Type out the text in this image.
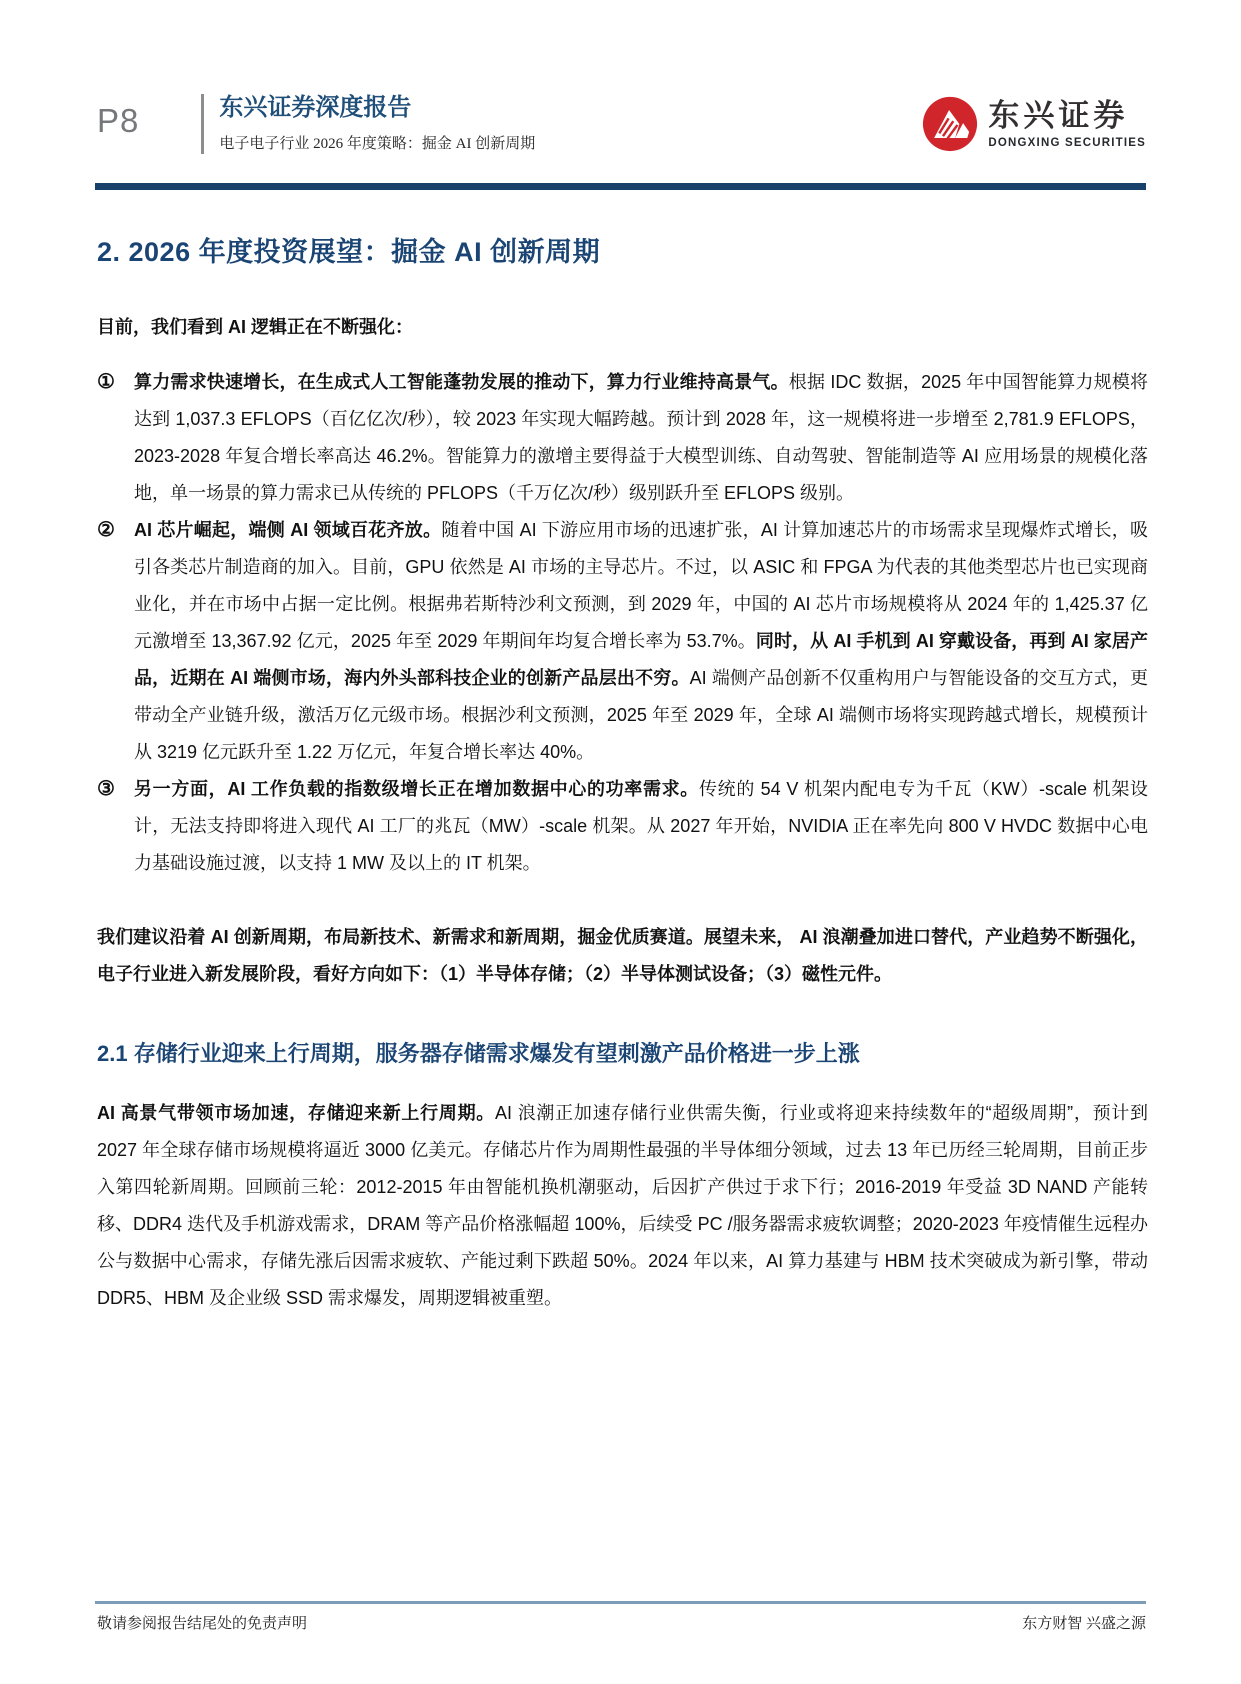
P8	东兴证券深度报告
电子电子行业 2026 年度策略：掘金 AI 创新周期
东兴证券
DONGXING SECURITIES
2. 2026 年度投资展望：掘金 AI 创新周期

目前，我们看到 AI 逻辑正在不断强化：

①	算力需求快速增长，在生成式人工智能蓬勃发展的推动下，算力行业维持高景气。根据 IDC 数据，2025 年中国智能算力规模将达到 1,037.3 EFLOPS（百亿亿次/秒），较 2023 年实现大幅跨越。预计到 2028 年，这一规模将进一步增至 2,781.9 EFLOPS，2023-2028 年复合增长率高达 46.2%。智能算力的激增主要得益于大模型训练、自动驾驶、智能制造等 AI 应用场景的规模化落地，单一场景的算力需求已从传统的 PFLOPS（千万亿次/秒）级别跃升至 EFLOPS 级别。
②	AI 芯片崛起，端侧 AI 领域百花齐放。随着中国 AI 下游应用市场的迅速扩张，AI 计算加速芯片的市场需求呈现爆炸式增长，吸引各类芯片制造商的加入。目前，GPU 依然是 AI 市场的主导芯片。不过，以 ASIC 和 FPGA 为代表的其他类型芯片也已实现商业化，并在市场中占据一定比例。根据弗若斯特沙利文预测，到 2029 年，中国的 AI 芯片市场规模将从 2024 年的 1,425.37 亿元激增至 13,367.92 亿元，2025 年至 2029 年期间年均复合增长率为 53.7%。同时，从 AI 手机到 AI 穿戴设备，再到 AI 家居产品，近期在 AI 端侧市场，海内外头部科技企业的创新产品层出不穷。AI 端侧产品创新不仅重构用户与智能设备的交互方式，更带动全产业链升级，激活万亿元级市场。根据沙利文预测，2025 年至 2029 年，全球 AI 端侧市场将实现跨越式增长，规模预计从 3219 亿元跃升至 1.22 万亿元，年复合增长率达 40%。
③	另一方面，AI 工作负载的指数级增长正在增加数据中心的功率需求。传统的 54 V 机架内配电专为千瓦（KW）-scale 机架设计，无法支持即将进入现代 AI 工厂的兆瓦（MW）-scale 机架。从 2027 年开始，NVIDIA 正在率先向 800 V HVDC 数据中心电力基础设施过渡，以支持 1 MW 及以上的 IT 机架。

我们建议沿着 AI 创新周期，布局新技术、新需求和新周期，掘金优质赛道。展望未来， AI 浪潮叠加进口替代，产业趋势不断强化，电子行业进入新发展阶段，看好方向如下：（1）半导体存储；（2）半导体测试设备；（3）磁性元件。

2.1 存储行业迎来上行周期，服务器存储需求爆发有望刺激产品价格进一步上涨

AI 高景气带领市场加速，存储迎来新上行周期。AI 浪潮正加速存储行业供需失衡，行业或将迎来持续数年的“超级周期”，预计到 2027 年全球存储市场规模将逼近 3000 亿美元。存储芯片作为周期性最强的半导体细分领域，过去 13 年已历经三轮周期，目前正步入第四轮新周期。回顾前三轮：2012-2015 年由智能机换机潮驱动，后因扩产供过于求下行；2016-2019 年受益 3D NAND 产能转移、DDR4 迭代及手机游戏需求，DRAM 等产品价格涨幅超 100%，后续受 PC /服务器需求疲软调整；2020-2023 年疫情催生远程办公与数据中心需求，存储先涨后因需求疲软、产能过剩下跌超 50%。2024 年以来，AI 算力基建与 HBM 技术突破成为新引擎，带动 DDR5、HBM 及企业级 SSD 需求爆发，周期逻辑被重塑。

敬请参阅报告结尾处的免责声明	东方财智 兴盛之源
